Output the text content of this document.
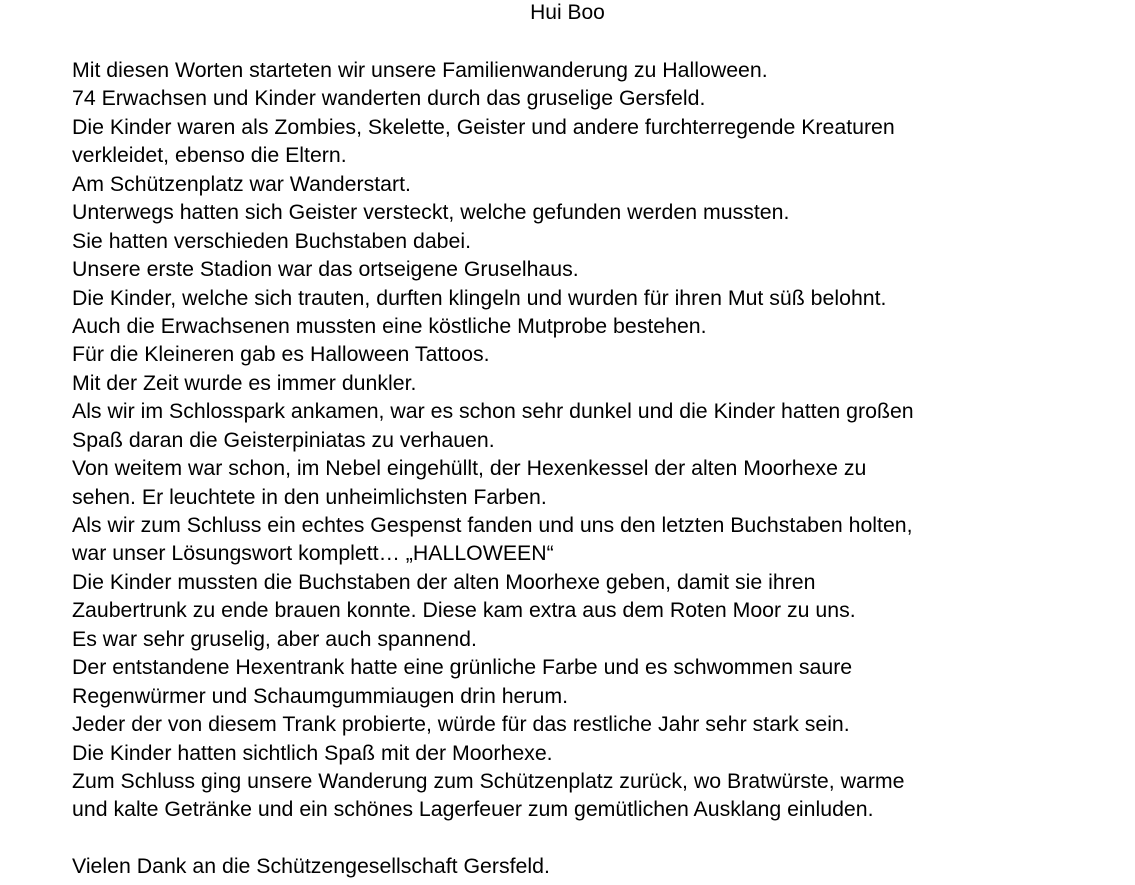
Hui Boo
Mit diesen Worten starteten wir unsere Familienwanderung zu Halloween.
74 Erwachsen und Kinder wanderten durch das gruselige Gersfeld.
Die Kinder waren als Zombies, Skelette, Geister und andere furchterregende Kreaturen
verkleidet, ebenso die Eltern.
Am Schützenplatz war Wanderstart.
Unterwegs hatten sich Geister versteckt, welche gefunden werden mussten.
Sie hatten verschieden Buchstaben dabei.
Unsere erste Stadion war das ortseigene Gruselhaus.
Die Kinder, welche sich trauten, durften klingeln und wurden für ihren Mut süß belohnt.
Auch die Erwachsenen mussten eine köstliche Mutprobe bestehen.
Für die Kleineren gab es Halloween Tattoos.
Mit der Zeit wurde es immer dunkler.
Als wir im Schlosspark ankamen, war es schon sehr dunkel und die Kinder hatten großen
Spaß daran die Geisterpiniatas zu verhauen.
Von weitem war schon, im Nebel eingehüllt, der Hexenkessel der alten Moorhexe zu
sehen. Er leuchtete in den unheimlichsten Farben.
Als wir zum Schluss ein echtes Gespenst fanden und uns den letzten Buchstaben holten,
war unser Lösungswort komplett… „HALLOWEEN“
Die Kinder mussten die Buchstaben der alten Moorhexe geben, damit sie ihren
Zaubertrunk zu ende brauen konnte. Diese kam extra aus dem Roten Moor zu uns.
Es war sehr gruselig, aber auch spannend.
Der entstandene Hexentrank hatte eine grünliche Farbe und es schwommen saure
Regenwürmer und Schaumgummiaugen drin herum.
Jeder der von diesem Trank probierte, würde für das restliche Jahr sehr stark sein.
Die Kinder hatten sichtlich Spaß mit der Moorhexe.
Zum Schluss ging unsere Wanderung zum Schützenplatz zurück, wo Bratwürste, warme
und kalte Getränke und ein schönes Lagerfeuer zum gemütlichen Ausklang einluden.
Vielen Dank an die Schützengesellschaft Gersfeld.
